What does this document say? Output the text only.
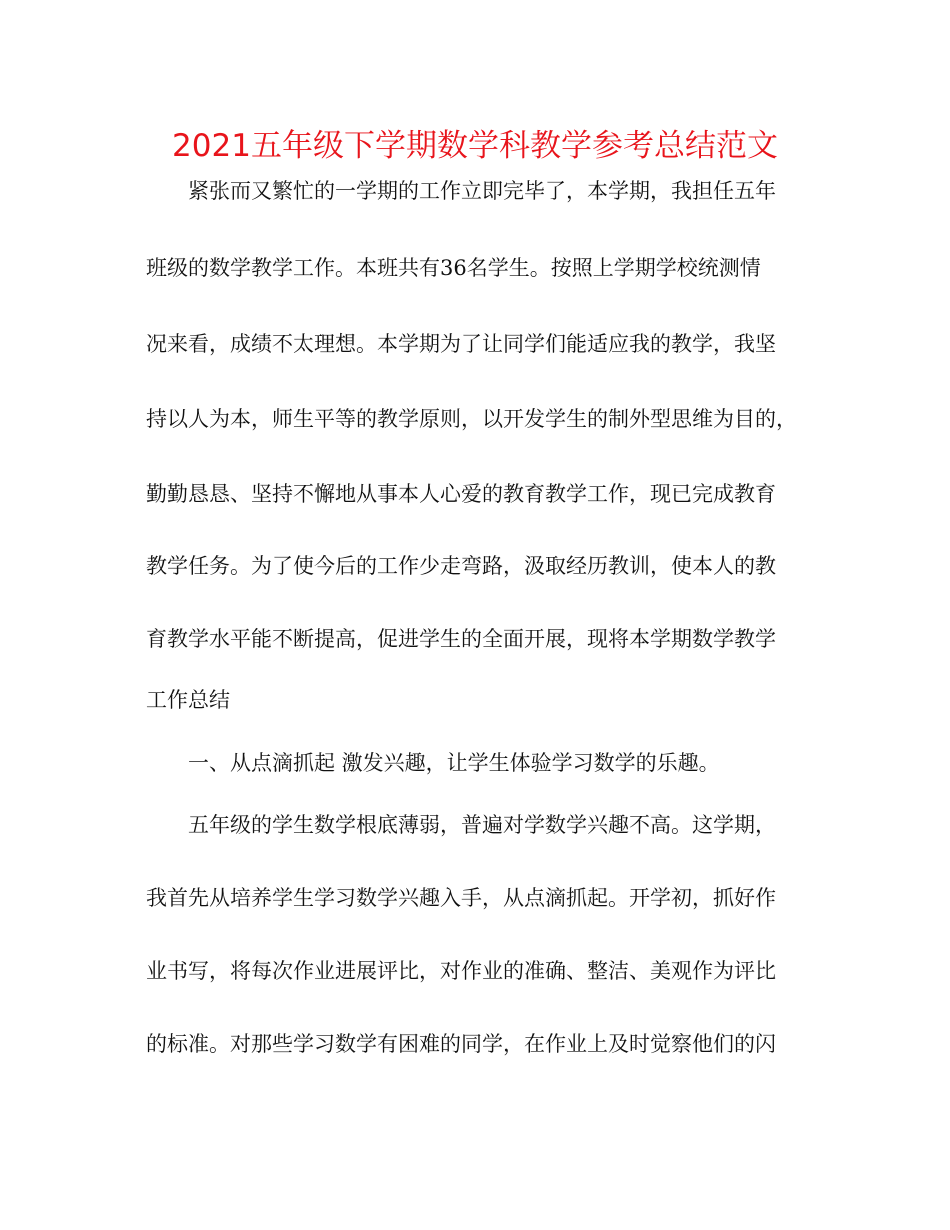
2021五年级下学期数学科教学参考总结范文
紧张而又繁忙的一学期的工作立即完毕了，本学期，我担任五年
班级的数学教学工作。本班共有36名学生。按照上学期学校统测情
况来看，成绩不太理想。本学期为了让同学们能适应我的教学，我坚
持以人为本，师生平等的教学原则，以开发学生的制外型思维为目的，
勤勤恳恳、坚持不懈地从事本人心爱的教育教学工作，现已完成教育
教学任务。为了使今后的工作少走弯路，汲取经历教训，使本人的教
育教学水平能不断提高，促进学生的全面开展，现将本学期数学教学
工作总结
一、从点滴抓起 激发兴趣，让学生体验学习数学的乐趣。
五年级的学生数学根底薄弱，普遍对学数学兴趣不高。这学期，
我首先从培养学生学习数学兴趣入手，从点滴抓起。开学初，抓好作
业书写，将每次作业进展评比，对作业的准确、整洁、美观作为评比
的标准。对那些学习数学有困难的同学，在作业上及时觉察他们的闪
